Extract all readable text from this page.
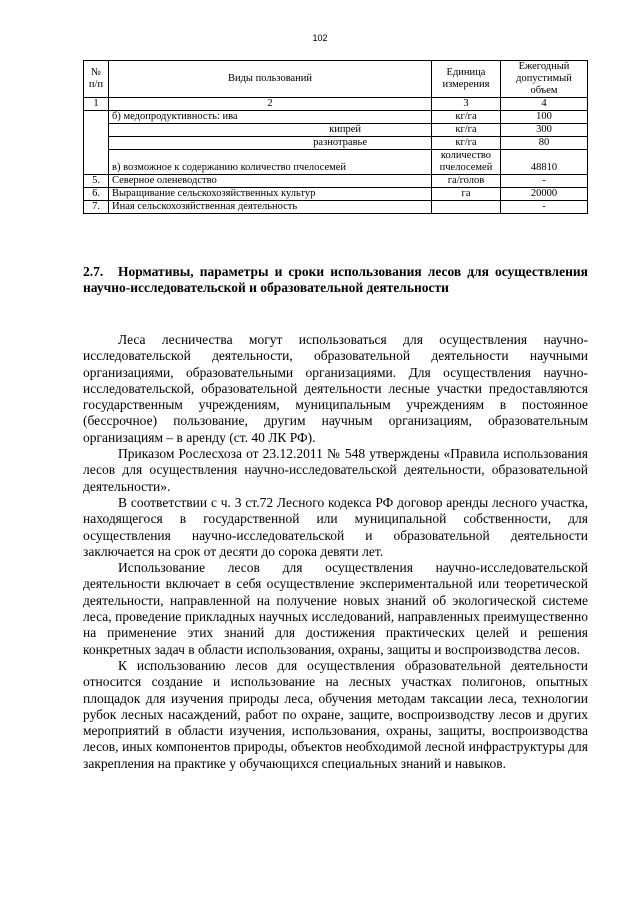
102
№ п/п	Виды пользований	Единица измерения	Ежегодный допустимый объем
1	2	3	4
	б) медопродуктивность: ива	кг/га	100
	кипрей	кг/га	300
	разнотравье	кг/га	80
	в) возможное к содержанию количество пчелосемей	количество пчелосемей	48810
5.	Северное оленеводство	га/голов	-
6.	Выращивание сельскохозяйственных культур	га	20000
7.	Иная сельскохозяйственная деятельность		-
2.7. Нормативы, параметры и сроки использования лесов для осуществления научно-исследовательской и образовательной деятельности

Леса лесничества могут использоваться для осуществления научно-исследовательской деятельности, образовательной деятельности научными организациями, образовательными организациями. Для осуществления научно-исследовательской, образовательной деятельности лесные участки предоставляются государственным учреждениям, муниципальным учреждениям в постоянное (бессрочное) пользование, другим научным организациям, образовательным организациям – в аренду (ст. 40 ЛК РФ).

Приказом Рослесхоза от 23.12.2011 № 548 утверждены «Правила использования лесов для осуществления научно-исследовательской деятельности, образовательной деятельности».

В соответствии с ч. 3 ст.72 Лесного кодекса РФ договор аренды лесного участка, находящегося в государственной или муниципальной собственности, для осуществления научно-исследовательской и образовательной деятельности заключается на срок от десяти до сорока девяти лет.

Использование лесов для осуществления научно-исследовательской деятельности включает в себя осуществление экспериментальной или теоретической деятельности, направленной на получение новых знаний об экологической системе леса, проведение прикладных научных исследований, направленных преимущественно на применение этих знаний для достижения практических целей и решения конкретных задач в области использования, охраны, защиты и воспроизводства лесов.

К использованию лесов для осуществления образовательной деятельности относится создание и использование на лесных участках полигонов, опытных площадок для изучения природы леса, обучения методам таксации леса, технологии рубок лесных насаждений, работ по охране, защите, воспроизводству лесов и других мероприятий в области изучения, использования, охраны, защиты, воспроизводства лесов, иных компонентов природы, объектов необходимой лесной инфраструктуры для закрепления на практике у обучающихся специальных знаний и навыков.
